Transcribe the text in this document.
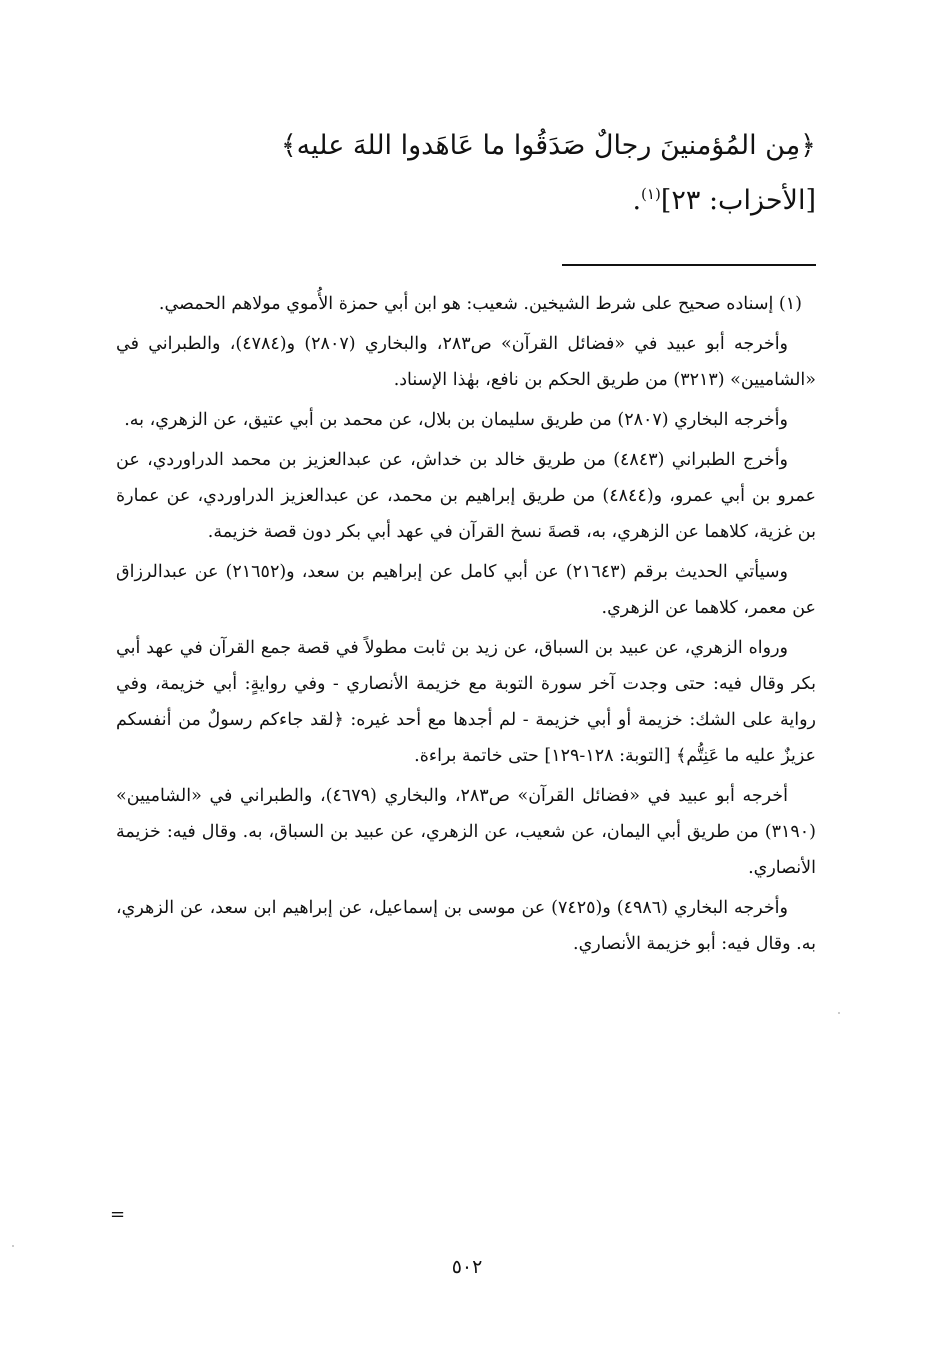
﴿مِن المُؤمنينَ رجالٌ صَدَقُوا ما عَاهَدوا اللهَ عليه﴾
[الأحزاب: ٢٣]$^{(١)}$.

(١) إسناده صحيح على شرط الشيخين. شعيب: هو ابن أبي حمزة الأُموي مولاهم الحمصي.

وأخرجه أبو عبيد في «فضائل القرآن» ص٢٨٣، والبخاري (٢٨٠٧) و(٤٧٨٤)، والطبراني في «الشاميين» (٣٢١٣) من طريق الحكم بن نافع، بهٰذا الإسناد.

وأخرجه البخاري (٢٨٠٧) من طريق سليمان بن بلال، عن محمد بن أبي عتيق، عن الزهري، به.

وأخرج الطبراني (٤٨٤٣) من طريق خالد بن خداش، عن عبدالعزيز بن محمد الدراوردي، عن عمرو بن أبي عمرو، و(٤٨٤٤) من طريق إبراهيم بن محمد، عن عبدالعزيز الدراوردي، عن عمارة بن غزية، كلاهما عن الزهري، به، قصةَ نسخ القرآن في عهد أبي بكر دون قصة خزيمة.

وسيأتي الحديث برقم (٢١٦٤٣) عن أبي كامل عن إبراهيم بن سعد، و(٢١٦٥٢) عن عبدالرزاق عن معمر، كلاهما عن الزهري.

ورواه الزهري، عن عبيد بن السباق، عن زيد بن ثابت مطولاً في قصة جمع القرآن في عهد أبي بكر وقال فيه: حتى وجدت آخر سورة التوبة مع خزيمة الأنصاري - وفي روايةٍ: أبي خزيمة، وفي رواية على الشك: خزيمة أو أبي خزيمة - لم أجدها مع أحد غيره: ﴿لقد جاءكم رسولٌ من أنفسكم عزيزٌ عليه ما عَنِتُّم﴾ [التوبة: ١٢٨-١٢٩] حتى خاتمة براءة.

أخرجه أبو عبيد في «فضائل القرآن» ص٢٨٣، والبخاري (٤٦٧٩)، والطبراني في «الشاميين» (٣١٩٠) من طريق أبي اليمان، عن شعيب، عن الزهري، عن عبيد بن السباق، به. وقال فيه: خزيمة الأنصاري.

وأخرجه البخاري (٤٩٨٦) و(٧٤٢٥) عن موسى بن إسماعيل، عن إبراهيم ابن سعد، عن الزهري، به. وقال فيه: أبو خزيمة الأنصاري.

=
٥٠٢
